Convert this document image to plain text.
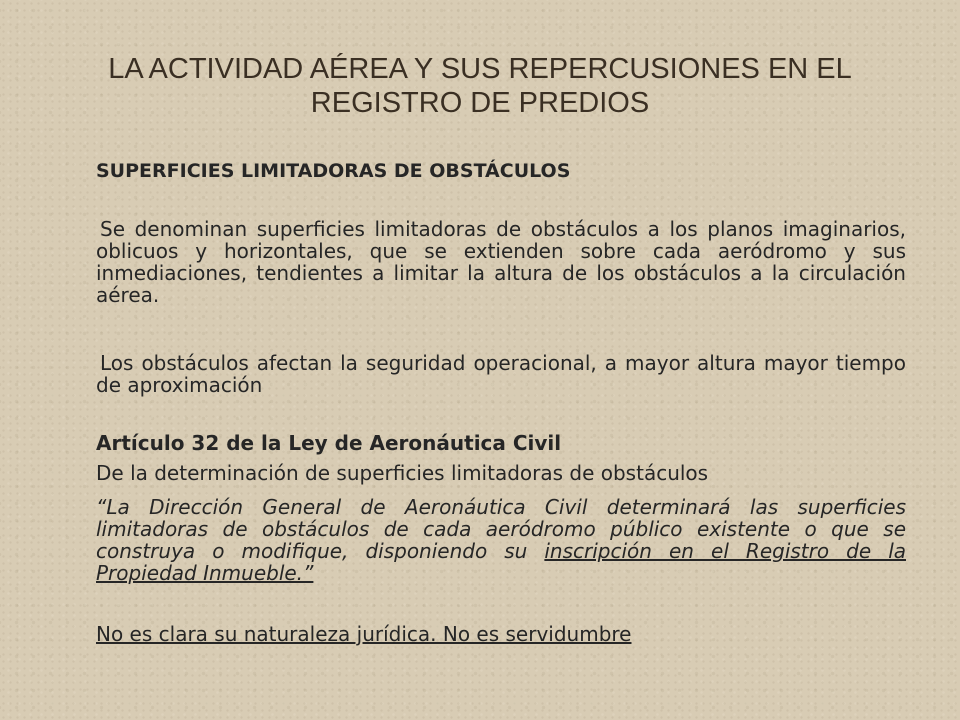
LA ACTIVIDAD AÉREA Y SUS REPERCUSIONES EN EL REGISTRO DE PREDIOS
SUPERFICIES LIMITADORAS DE OBSTÁCULOS

Se denominan superficies limitadoras de obstáculos a los planos imaginarios, oblicuos y horizontales, que se extienden sobre cada aeródromo y sus inmediaciones, tendientes a limitar la altura de los obstáculos a la circulación aérea.

Los obstáculos afectan la seguridad operacional, a mayor altura mayor tiempo de aproximación

Artículo 32 de la Ley de Aeronáutica Civil
De la determinación de superficies limitadoras de obstáculos

“La Dirección General de Aeronáutica Civil determinará las superficies limitadoras de obstáculos de cada aeródromo público existente o que se construya o modifique, disponiendo su inscripción en el Registro de la Propiedad Inmueble.”

No es clara su naturaleza jurídica. No es servidumbre
